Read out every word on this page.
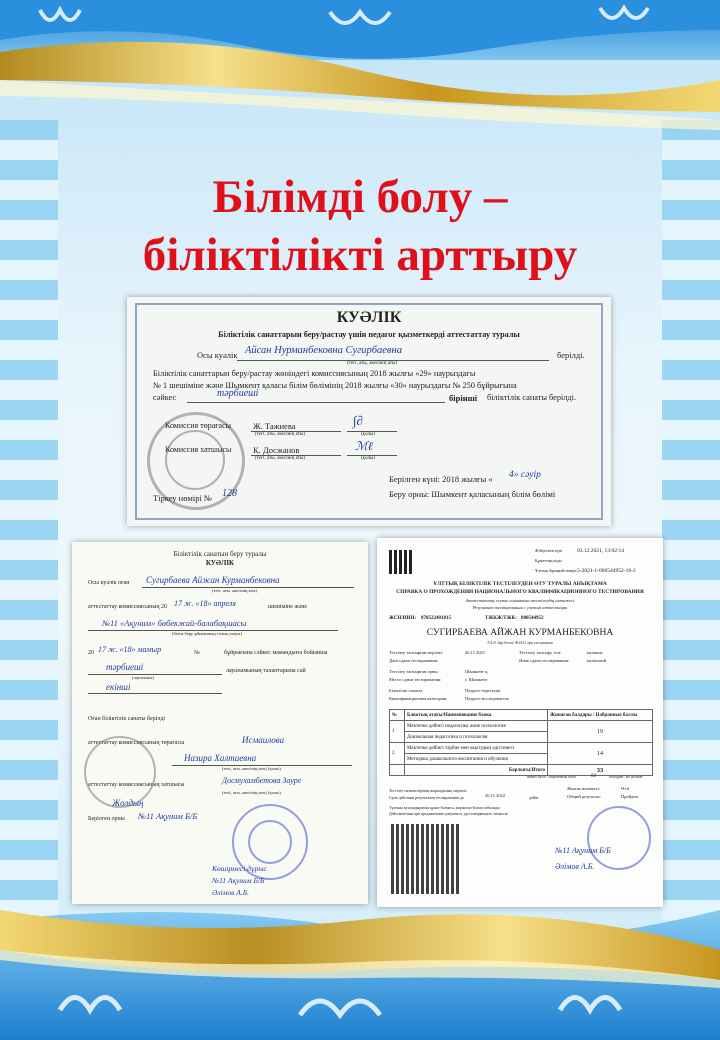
Білімді болу –
біліктілікті арттыру
КУӘЛІК
Біліктілік санаттарын беру/растау үшін педагог қызметкерді аттестаттау туралы
Осы куәлік Айсан Нурманбековна Сугирбаевна	берілді.
(тегі, аты, әкесінің аты)
Біліктілік санаттарын беру/растау жөніндегі комиссиясының 2018 жылғы «29» наурыздағы
№ 1 шешіміне және Шымкент қаласы білім бөлімінің 2018 жылғы «30» наурыздағы № 250 бұйрығына
сәйкес	тәрбиеші	бірінші біліктілік санаты берілді.
Комиссия төрағасы	Ж. Тажиева	∫∂
(тегі, аты, әкесінің аты)	(қолы)
Комиссия хатшысы	К. Досжанов	ℳℓ
(тегі, аты, әкесінің аты)	(қолы)
Берілген күні: 2018 жылғы « 4» сәуір
Беру орны: Шымкент қаласының білім бөлімі
Тіркеу нөмірі № 128
Біліктілік санатын беру туралы
КУӘЛІК
Осы куәлік оған Сугирбаева Айжан Курманбековна
(тегі, аты, әкесінің аты)
аттестаттау комиссиясының 20 17 ж. «18» апреля	шешіміне және
№11 «Ақуним» бөбекжай-балабақшасы
(білім беру ұйымының толық атауы)
20 17 ж. «18» мамыр	№	бұйрығына сәйкес мамандығы бойынша
тәрбиеші	лауазымының талаптарына сай
(лауазымы)
екінші
Оған біліктілік санаты берілді
аттестаттау комиссиясының төрағасы	Исмаилова
Назира Халтаевна
(тегі, аты, әкесінің аты) (қолы)
аттестаттау комиссиясының хатшысы	Досмухамбетова Зауре
(тегі, аты, әкесінің аты) (қолы)
Жолдың
Берілген орны №11 Ақуним Б/Б
Көшірмесі дұрыс
№11 Ақуним Б/Б
Әлімов А.Б.
Жіберілген күні	03.12.2021, 13:02:14
Құжаттың коды
Ұлттық бірыңғай нөмірі 5-2021-1-000544952-16-2
ҰЛТТЫҚ БІЛІКТІЛІК ТЕСТІЛЕУДЕН ӨТУ ТУРАЛЫ АНЫҚТАМА
СПРАВКА О ПРОХОЖДЕНИИ НАЦИОНАЛЬНОГО КВАЛИФИКАЦИОННОГО ТЕСТИРОВАНИЯ
Аттестаттау есепке алынатын тестілеудің нәтижесі
Результат тестирования с учетом аттестации
ЖСН/ИИН: 870522401815	ТЖКЖ/ТЖК: 000544952
СУГИРБАЕВА АЙЖАН КУРМАНБЕКОВНА
Т.А.Ә. бар болса/ Ф.И.О. при его наличии
Тестілеу тапсырған мерзімі:	26.11.2021	Тестілеу тапсыру тілі:	казакша
Дата сдачи тестирования:	Язык сдачи тестирования:	казахский
Тестілеу тапсырған орны:	Шымкент қ.
Место сдачи тестирования:	г. Шымкент
Біліктілік санаты:	Педагог-зерттеуші
Квалификационная категория:	Педагог-исследователь
№	Блоктың атауы/Наименование блока	Жинаған балдары / Набранные баллы
1	Мектепке дейінгі педагогика және психология	19
	Дошкольная педагогика и психология	
2	Мектепке дейінгі тәрбие мен оқытудың әдістемесі	14
	Методика дошкольного воспитания и обучения	
	Барлығы/Итого	33
шекті балл / пороговый балл	60	баллдан / из баллов
Тестілеу нәтижелерінің жарамдылық мерзімі:
Срок действия результатов тестирования до	26.11.2022	дейін
Жалпы нәтижесі:	Өтті
Общий результат:	Пройден
Тұлғаны куәландыратын құжат болмаса, жарамсыз болып табылады
Действительна при предъявлении документа, удостоверяющего личность
№11 Ақуним Б/Б
Әлімов А.Б.
